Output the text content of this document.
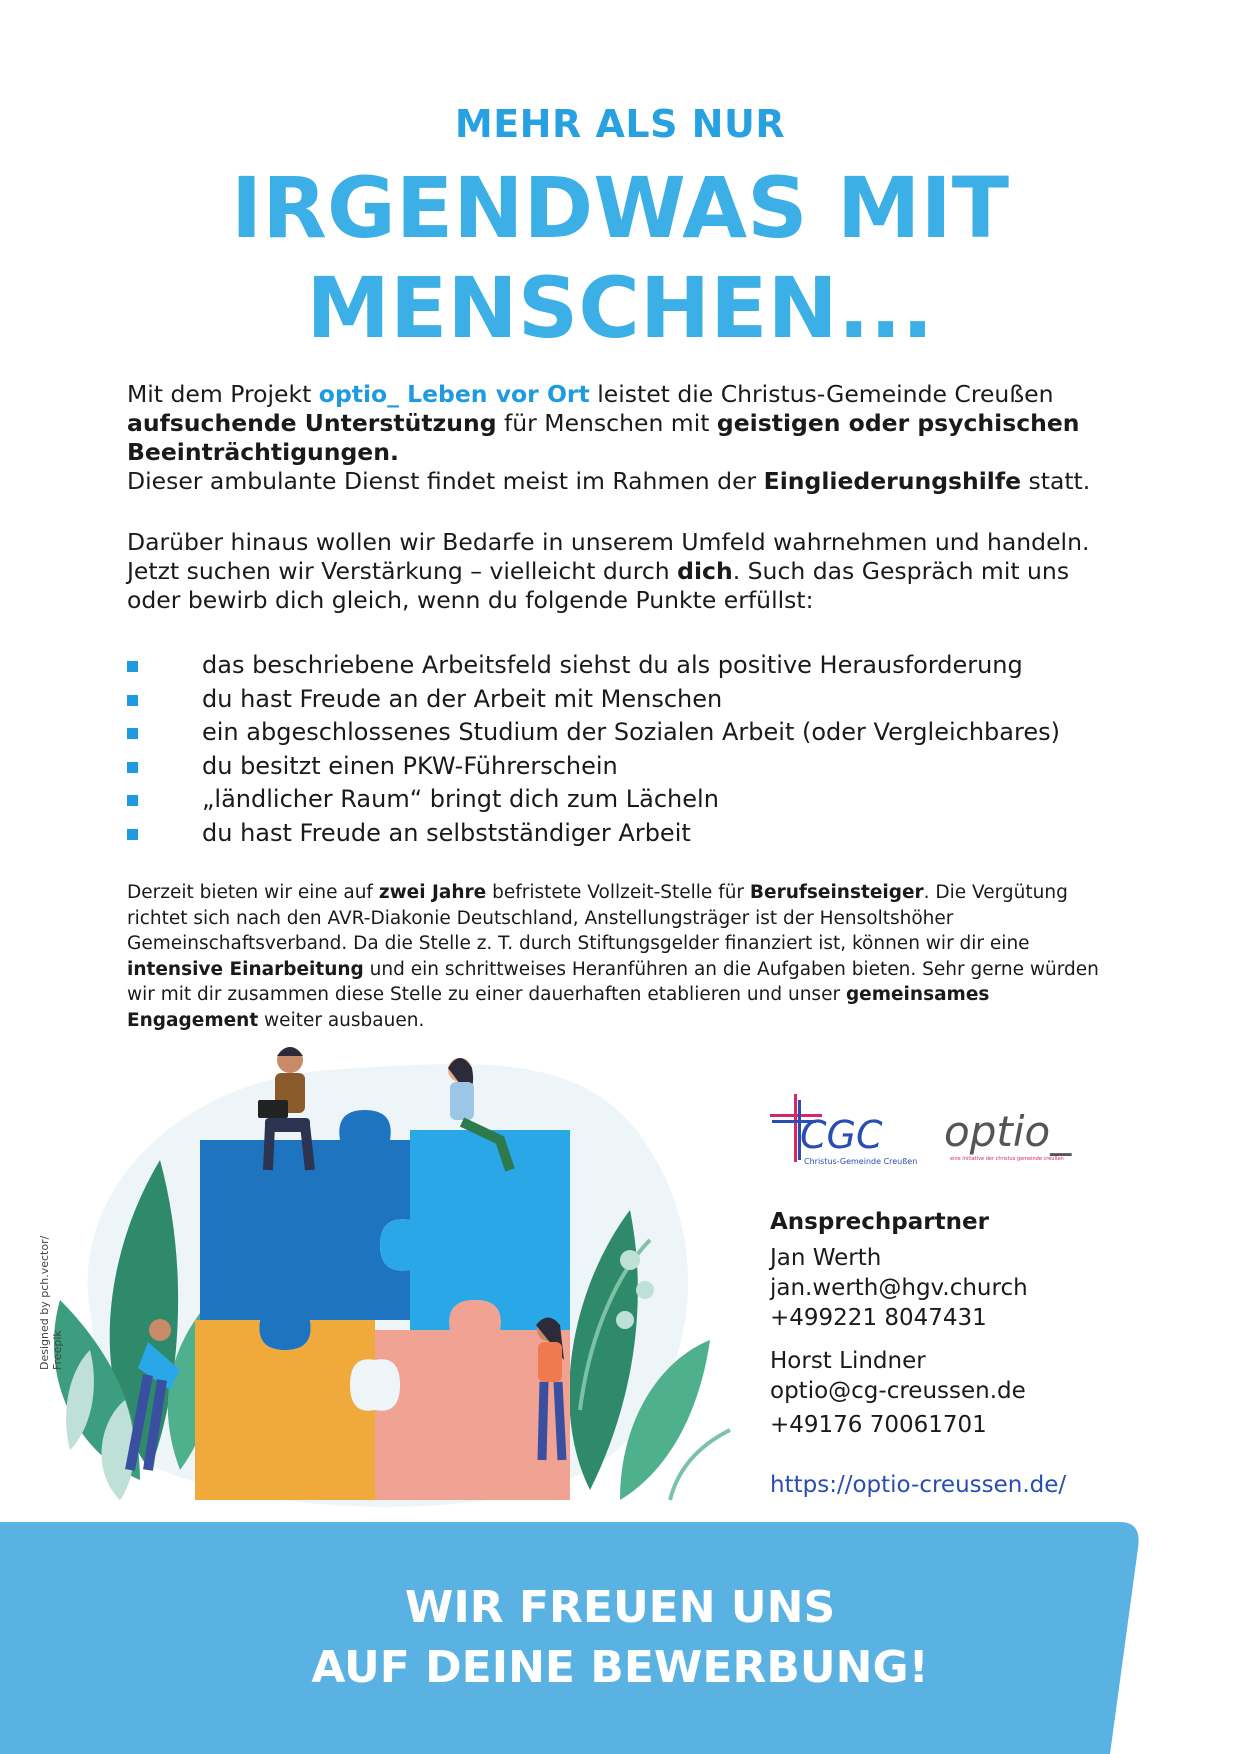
MEHR ALS NUR
IRGENDWAS MIT
MENSCHEN...
Mit dem Projekt optio_ Leben vor Ort leistet die Christus-Gemeinde Creußen aufsuchende Unterstützung für Menschen mit geistigen oder psychischen Beeinträchtigungen.
Dieser ambulante Dienst findet meist im Rahmen der Eingliederungshilfe statt.
Darüber hinaus wollen wir Bedarfe in unserem Umfeld wahrnehmen und handeln. Jetzt suchen wir Verstärkung – vielleicht durch dich. Such das Gespräch mit uns oder bewirb dich gleich, wenn du folgende Punkte erfüllst:
das beschriebene Arbeitsfeld siehst du als positive Herausforderung
du hast Freude an der Arbeit mit Menschen
ein abgeschlossenes Studium der Sozialen Arbeit (oder Vergleichbares)
du besitzt einen PKW-Führerschein
„ländlicher Raum“ bringt dich zum Lächeln
du hast Freude an selbstständiger Arbeit
Derzeit bieten wir eine auf zwei Jahre befristete Vollzeit-Stelle für Berufseinsteiger. Die Vergütung richtet sich nach den AVR-Diakonie Deutschland, Anstellungsträger ist der Hensoltshöher Gemeinschaftsverband. Da die Stelle z. T. durch Stiftungsgelder finanziert ist, können wir dir eine intensive Einarbeitung und ein schrittweises Heranführen an die Aufgaben bieten. Sehr gerne würden wir mit dir zusammen diese Stelle zu einer dauerhaften etablieren und unser gemeinsames Engagement weiter ausbauen.
Designed by pch.vector/ Freepik
CGC
Christus-Gemeinde Creußen
optio_
eine Initiative der christus gemeinde creußen
Ansprechpartner
Jan Werth
jan.werth@hgv.church
+499221 8047431
Horst Lindner
optio@cg-creussen.de
+49176 70061701
https://optio-creussen.de/
WIR FREUEN UNS
AUF DEINE BEWERBUNG!
